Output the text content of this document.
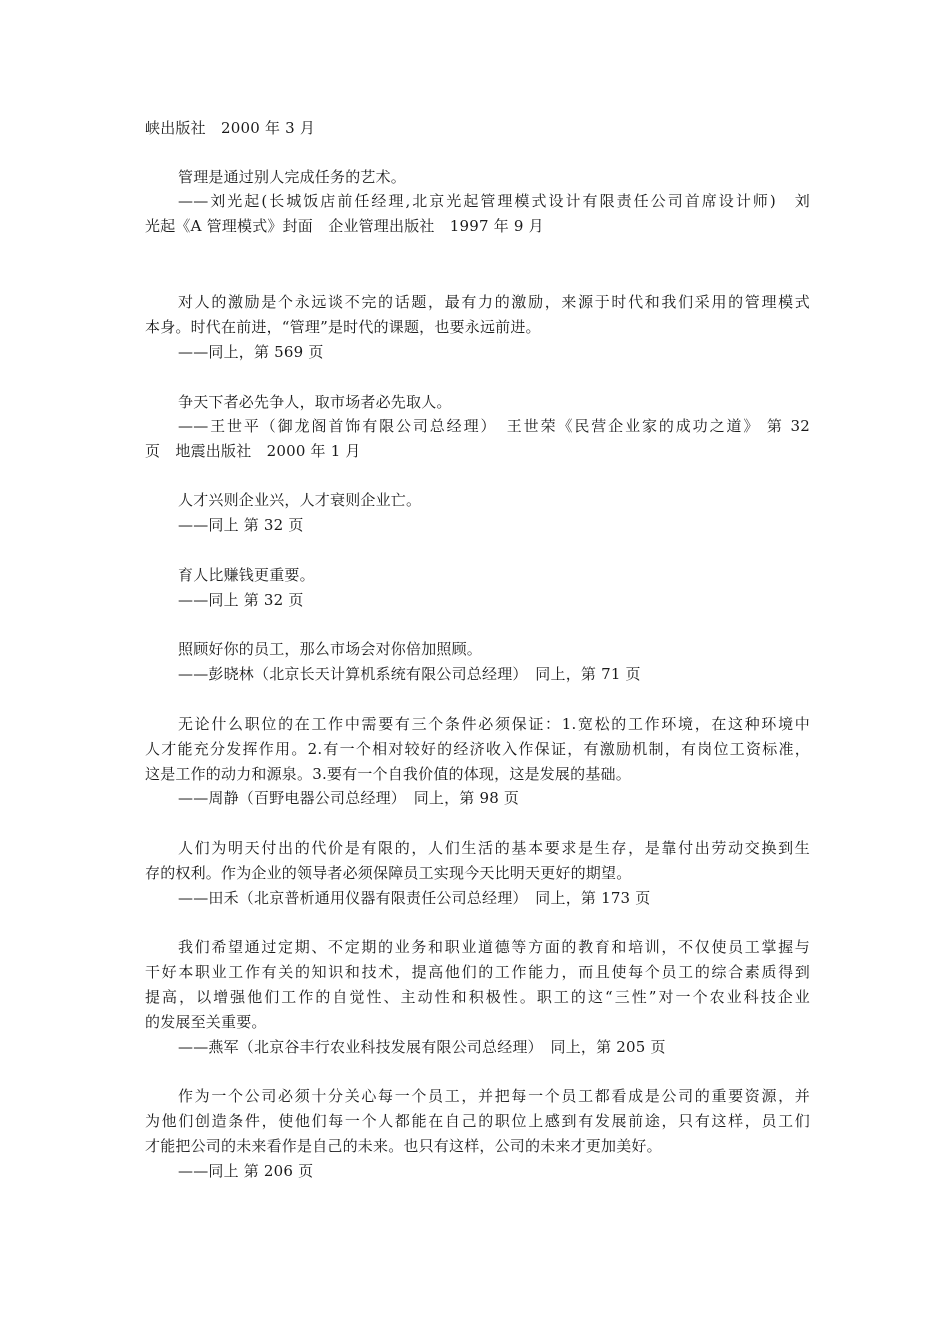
峡出版社　2000 年 3 月
管理是通过别人完成任务的艺术。
——刘光起(长城饭店前任经理,北京光起管理模式设计有限责任公司首席设计师)　刘
光起《A 管理模式》封面　企业管理出版社　1997 年 9 月
对人的激励是个永远谈不完的话题，最有力的激励，来源于时代和我们采用的管理模式
本身。时代在前进，“管理”是时代的课题，也要永远前进。
——同上，第 569 页
争天下者必先争人，取市场者必先取人。
——王世平（御龙阁首饰有限公司总经理）　王世荣《民营企业家的成功之道》 第 32
页　地震出版社　2000 年 1 月
人才兴则企业兴，人才衰则企业亡。
——同上 第 32 页
育人比赚钱更重要。
——同上 第 32 页
照顾好你的员工，那么市场会对你倍加照顾。
——彭晓林（北京长天计算机系统有限公司总经理）　同上，第 71 页
无论什么职位的在工作中需要有三个条件必须保证：1.宽松的工作环境，在这种环境中
人才能充分发挥作用。2.有一个相对较好的经济收入作保证，有激励机制，有岗位工资标准，
这是工作的动力和源泉。3.要有一个自我价值的体现，这是发展的基础。
——周静（百野电器公司总经理）　同上，第 98 页
人们为明天付出的代价是有限的，人们生活的基本要求是生存，是靠付出劳动交换到生
存的权利。作为企业的领导者必须保障员工实现今天比明天更好的期望。
——田禾（北京普析通用仪器有限责任公司总经理）　同上，第 173 页
我们希望通过定期、不定期的业务和职业道德等方面的教育和培训，不仅使员工掌握与
干好本职业工作有关的知识和技术，提高他们的工作能力，而且使每个员工的综合素质得到
提高，以增强他们工作的自觉性、主动性和积极性。职工的这“三性”对一个农业科技企业
的发展至关重要。
——燕军（北京谷丰行农业科技发展有限公司总经理）　同上，第 205 页
作为一个公司必须十分关心每一个员工，并把每一个员工都看成是公司的重要资源，并
为他们创造条件，使他们每一个人都能在自己的职位上感到有发展前途，只有这样，员工们
才能把公司的未来看作是自己的未来。也只有这样，公司的未来才更加美好。
——同上 第 206 页
